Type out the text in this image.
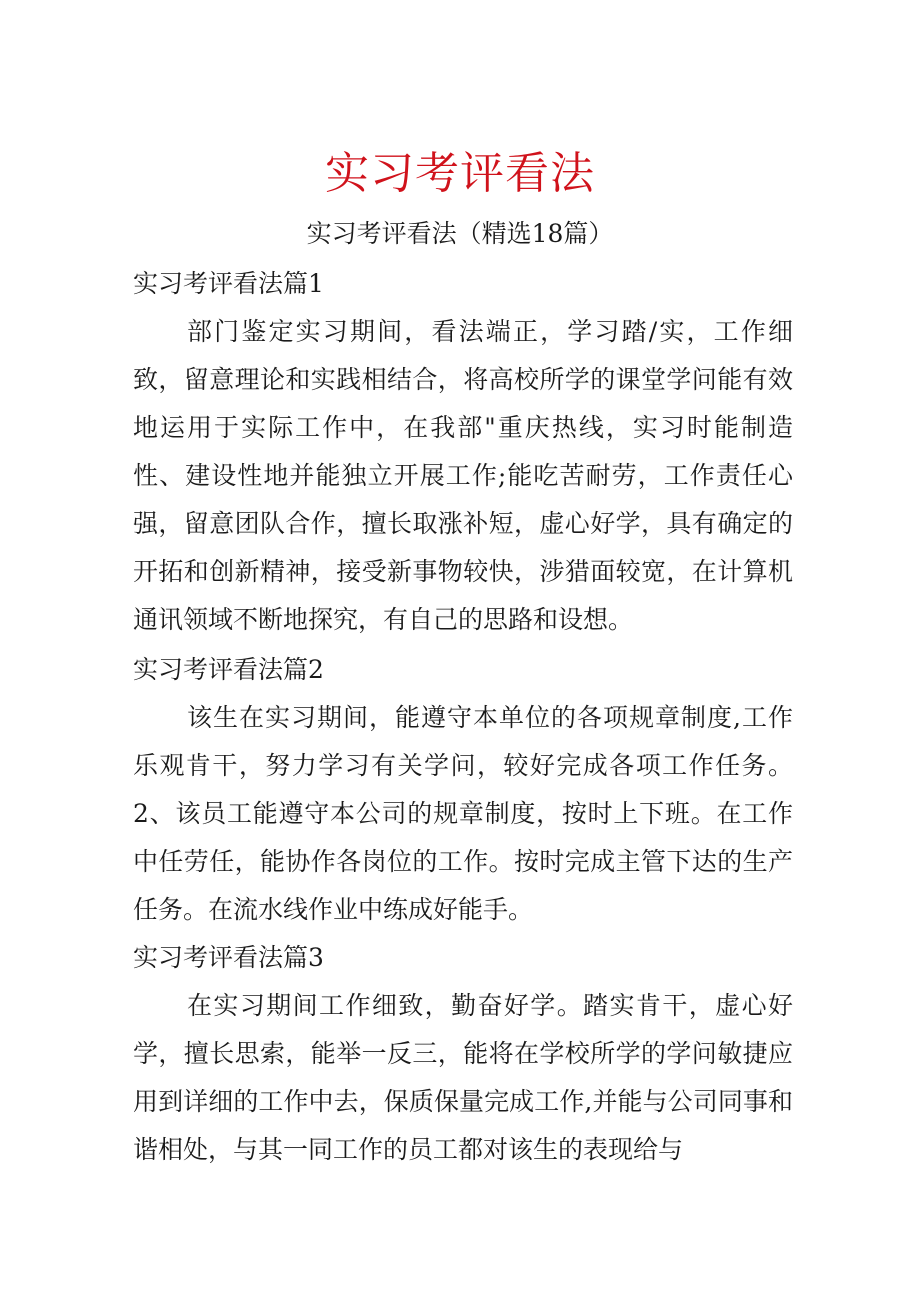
实习考评看法

实习考评看法（精选18篇）

实习考评看法篇1

部门鉴定实习期间，看法端正，学习踏/实，工作细致，留意理论和实践相结合，将高校所学的课堂学问能有效地运用于实际工作中，在我部"重庆热线，实习时能制造性、建设性地并能独立开展工作;能吃苦耐劳，工作责任心强，留意团队合作，擅长取涨补短，虚心好学，具有确定的开拓和创新精神，接受新事物较快，涉猎面较宽，在计算机通讯领域不断地探究，有自己的思路和设想。

实习考评看法篇2

该生在实习期间，能遵守本单位的各项规章制度,工作乐观肯干，努力学习有关学问，较好完成各项工作任务。2、该员工能遵守本公司的规章制度，按时上下班。在工作中任劳任，能协作各岗位的工作。按时完成主管下达的生产任务。在流水线作业中练成好能手。

实习考评看法篇3

在实习期间工作细致，勤奋好学。踏实肯干，虚心好学，擅长思索，能举一反三，能将在学校所学的学问敏捷应用到详细的工作中去，保质保量完成工作,并能与公司同事和谐相处，与其一同工作的员工都对该生的表现给与
